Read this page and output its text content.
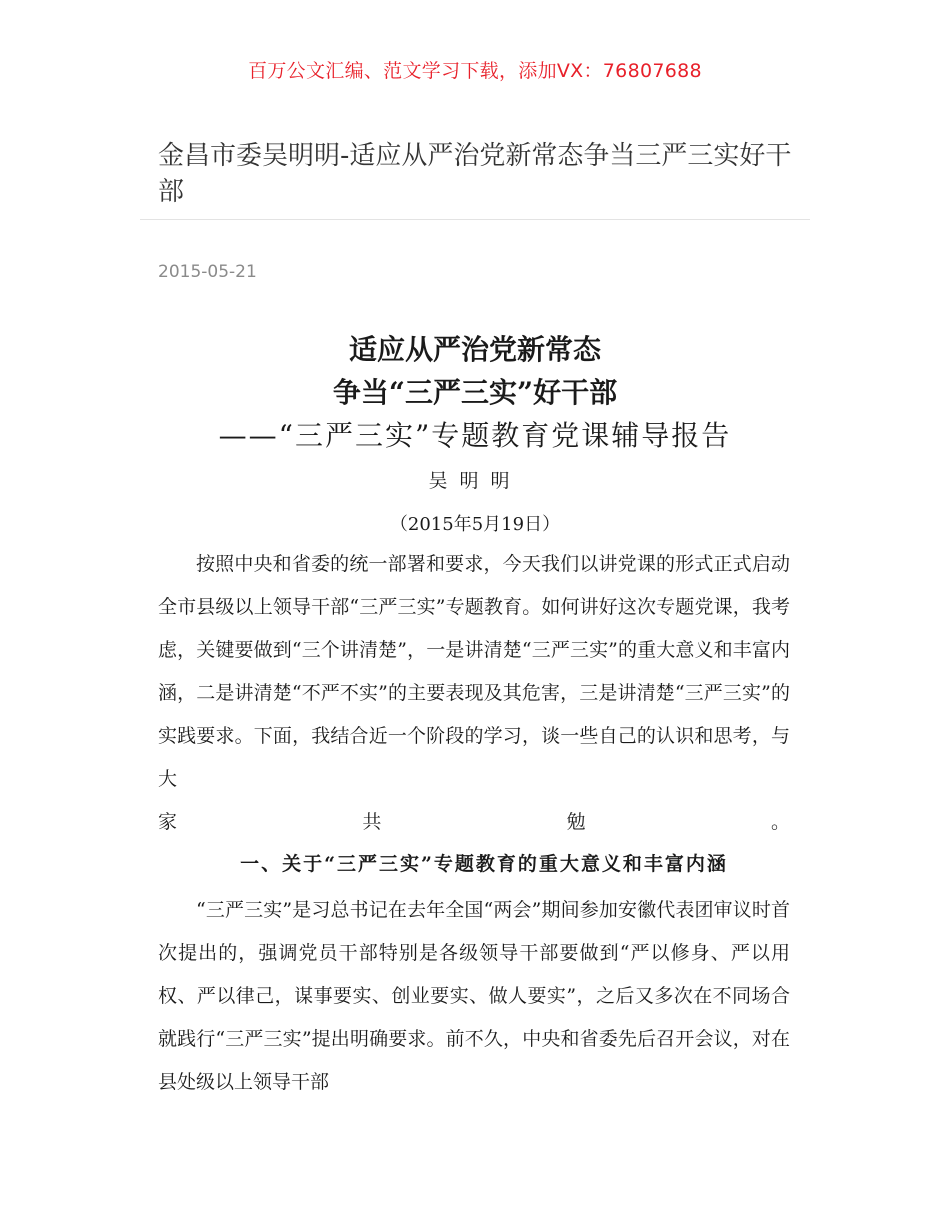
百万公文汇编、范文学习下载，添加VX：76807688
金昌市委吴明明-适应从严治党新常态争当三严三实好干部
2015-05-21
适应从严治党新常态
争当“三严三实”好干部
——“三严三实”专题教育党课辅导报告
吴明明
（2015年5月19日）
按照中央和省委的统一部署和要求，今天我们以讲党课的形式正式启动全市县级以上领导干部“三严三实”专题教育。如何讲好这次专题党课，我考虑，关键要做到“三个讲清楚”，一是讲清楚“三严三实”的重大意义和丰富内涵，二是讲清楚“不严不实”的主要表现及其危害，三是讲清楚“三严三实”的实践要求。下面，我结合近一个阶段的学习，谈一些自己的认识和思考，与大
家	共	勉	。
一、关于“三严三实”专题教育的重大意义和丰富内涵
“三严三实”是习总书记在去年全国“两会”期间参加安徽代表团审议时首次提出的，强调党员干部特别是各级领导干部要做到“严以修身、严以用权、严以律己，谋事要实、创业要实、做人要实”，之后又多次在不同场合就践行“三严三实”提出明确要求。前不久，中央和省委先后召开会议，对在县处级以上领导干部
